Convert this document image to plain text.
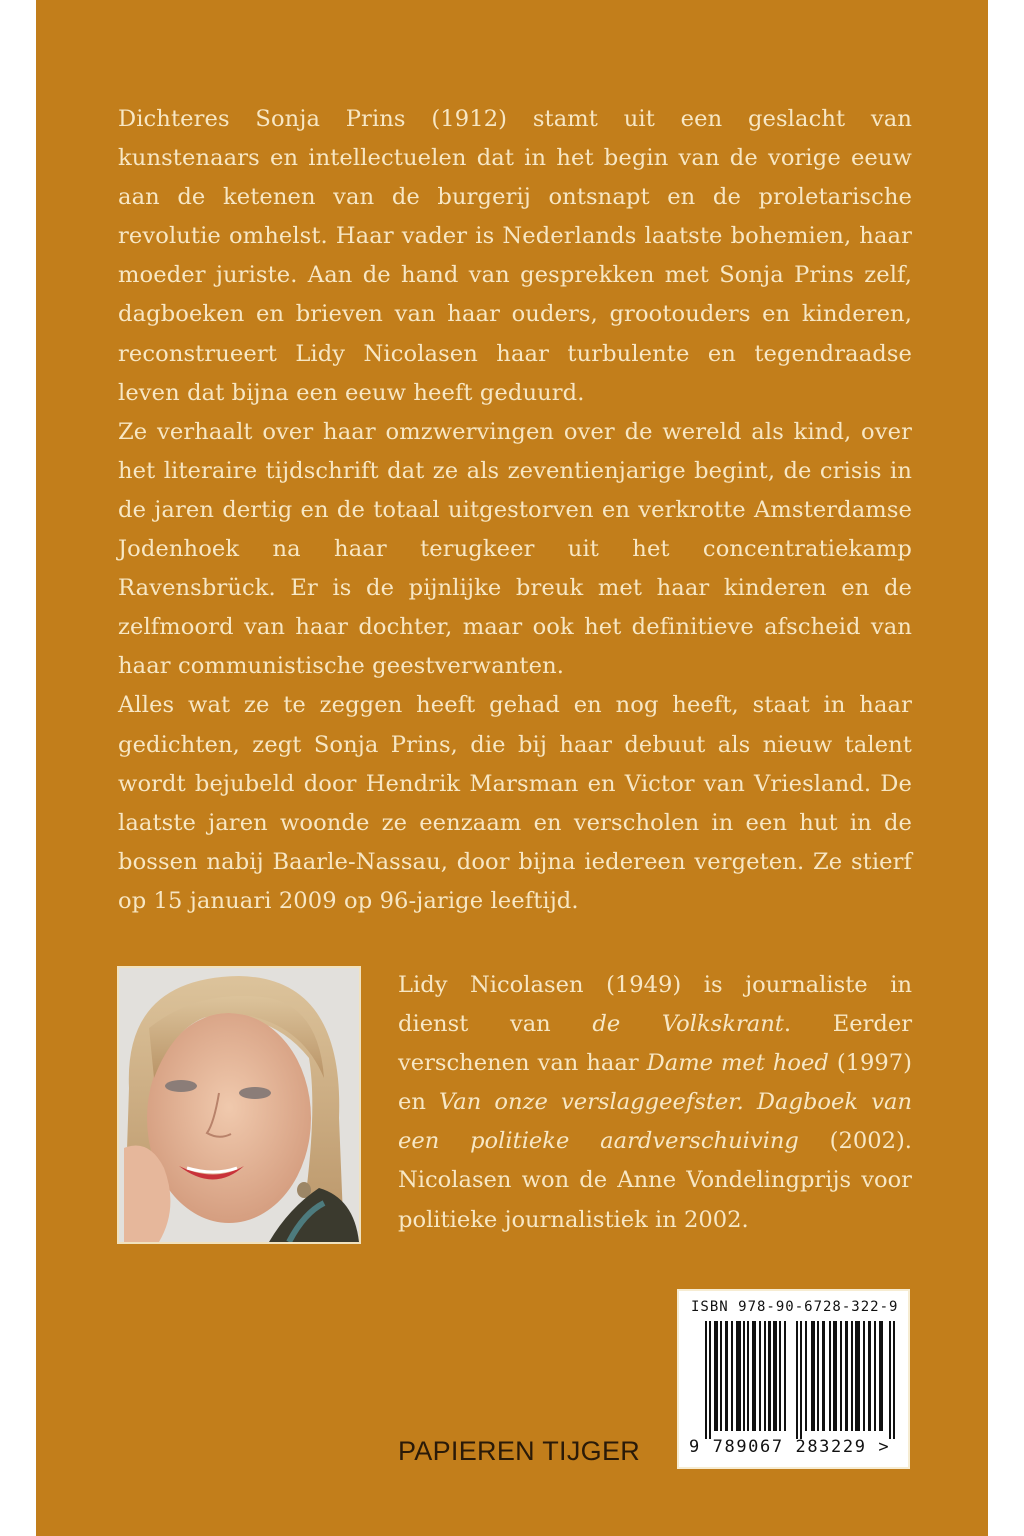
Dichteres Sonja Prins (1912) stamt uit een geslacht van kunstenaars en intellectuelen dat in het begin van de vorige eeuw aan de ketenen van de burgerij ontsnapt en de proletarische revolutie omhelst. Haar vader is Nederlands laatste bohemien, haar moeder juriste. Aan de hand van gesprekken met Sonja Prins zelf, dagboeken en brieven van haar ouders, grootouders en kinderen, reconstrueert Lidy Nicolasen haar turbulente en tegendraadse leven dat bijna een eeuw heeft geduurd.

Ze verhaalt over haar omzwervingen over de wereld als kind, over het literaire tijdschrift dat ze als zeventienjarige begint, de crisis in de jaren dertig en de totaal uitgestorven en verkrotte Amsterdamse Jodenhoek na haar terugkeer uit het concentratiekamp Ravensbrück. Er is de pijnlijke breuk met haar kinderen en de zelfmoord van haar dochter, maar ook het definitieve afscheid van haar communistische geestverwanten.

Alles wat ze te zeggen heeft gehad en nog heeft, staat in haar gedichten, zegt Sonja Prins, die bij haar debuut als nieuw talent wordt bejubeld door Hendrik Marsman en Victor van Vriesland. De laatste jaren woonde ze eenzaam en verscholen in een hut in de bossen nabij Baarle-Nassau, door bijna iedereen vergeten. Ze stierf op 15 januari 2009 op 96-jarige leeftijd.

Lidy Nicolasen (1949) is journaliste in dienst van de Volkskrant. Eerder verschenen van haar Dame met hoed (1997) en Van onze verslaggeefster. Dagboek van een politieke aardverschuiving (2002). Nicolasen won de Anne Vondelingprijs voor politieke journalistiek in 2002.

PAPIEREN TIJGER
ISBN 978-90-6728-322-9
9 789067 283229 >
